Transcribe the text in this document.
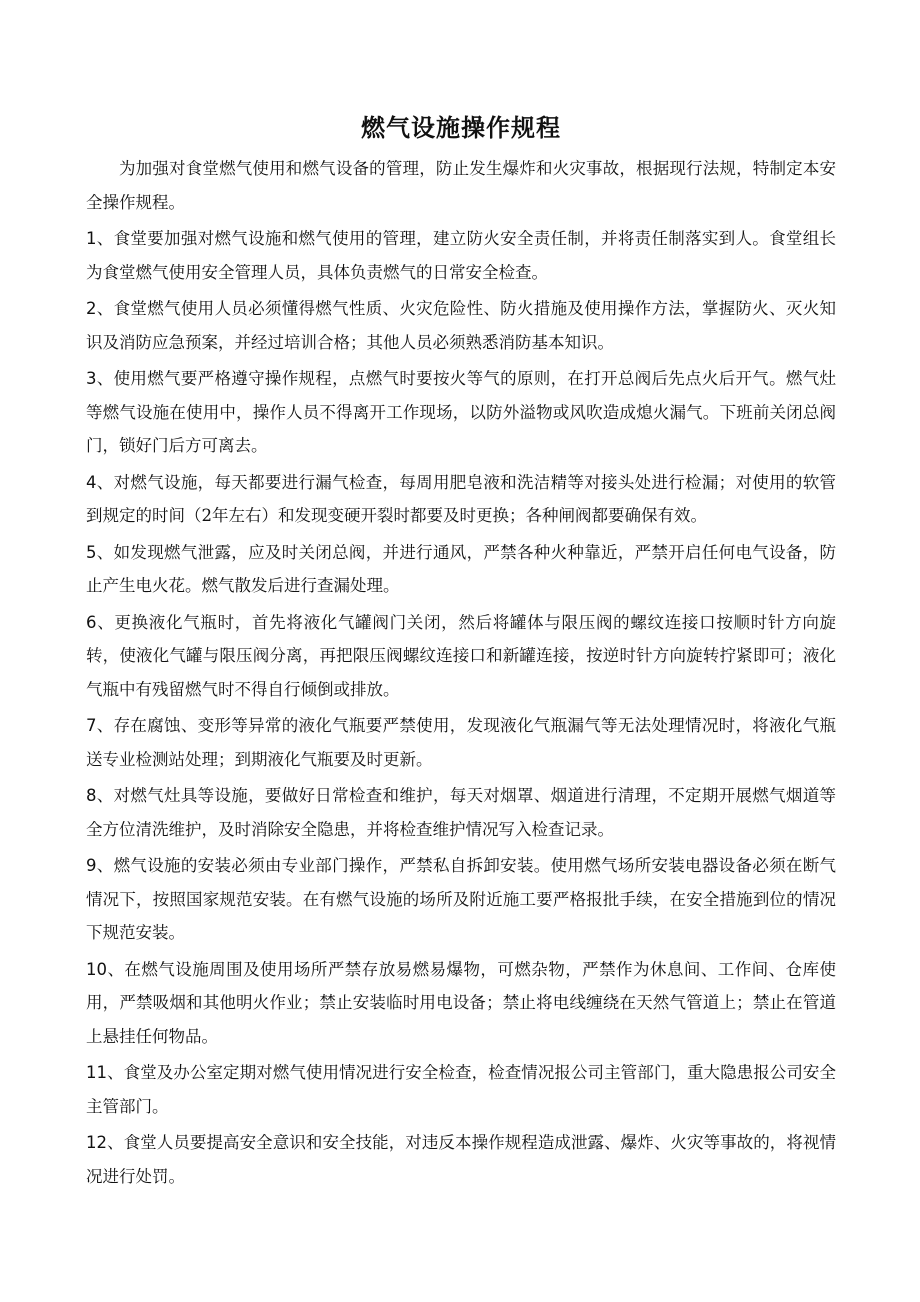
燃气设施操作规程

为加强对食堂燃气使用和燃气设备的管理，防止发生爆炸和火灾事故，根据现行法规，特制定本安全操作规程。

1、食堂要加强对燃气设施和燃气使用的管理，建立防火安全责任制，并将责任制落实到人。食堂组长为食堂燃气使用安全管理人员，具体负责燃气的日常安全检查。

2、食堂燃气使用人员必须懂得燃气性质、火灾危险性、防火措施及使用操作方法，掌握防火、灭火知识及消防应急预案，并经过培训合格；其他人员必须熟悉消防基本知识。

3、使用燃气要严格遵守操作规程，点燃气时要按火等气的原则，在打开总阀后先点火后开气。燃气灶等燃气设施在使用中，操作人员不得离开工作现场，以防外溢物或风吹造成熄火漏气。下班前关闭总阀门，锁好门后方可离去。

4、对燃气设施，每天都要进行漏气检查，每周用肥皂液和洗洁精等对接头处进行检漏；对使用的软管到规定的时间（2年左右）和发现变硬开裂时都要及时更换；各种闸阀都要确保有效。

5、如发现燃气泄露，应及时关闭总阀，并进行通风，严禁各种火种靠近，严禁开启任何电气设备，防止产生电火花。燃气散发后进行查漏处理。

6、更换液化气瓶时，首先将液化气罐阀门关闭，然后将罐体与限压阀的螺纹连接口按顺时针方向旋转，使液化气罐与限压阀分离，再把限压阀螺纹连接口和新罐连接，按逆时针方向旋转拧紧即可；液化气瓶中有残留燃气时不得自行倾倒或排放。

7、存在腐蚀、变形等异常的液化气瓶要严禁使用，发现液化气瓶漏气等无法处理情况时，将液化气瓶送专业检测站处理；到期液化气瓶要及时更新。

8、对燃气灶具等设施，要做好日常检查和维护，每天对烟罩、烟道进行清理，不定期开展燃气烟道等全方位清洗维护，及时消除安全隐患，并将检查维护情况写入检查记录。

9、燃气设施的安装必须由专业部门操作，严禁私自拆卸安装。使用燃气场所安装电器设备必须在断气情况下，按照国家规范安装。在有燃气设施的场所及附近施工要严格报批手续，在安全措施到位的情况下规范安装。

10、在燃气设施周围及使用场所严禁存放易燃易爆物，可燃杂物，严禁作为休息间、工作间、仓库使用，严禁吸烟和其他明火作业；禁止安装临时用电设备；禁止将电线缠绕在天然气管道上；禁止在管道上悬挂任何物品。

11、食堂及办公室定期对燃气使用情况进行安全检查，检查情况报公司主管部门，重大隐患报公司安全主管部门。

12、食堂人员要提高安全意识和安全技能，对违反本操作规程造成泄露、爆炸、火灾等事故的，将视情况进行处罚。
